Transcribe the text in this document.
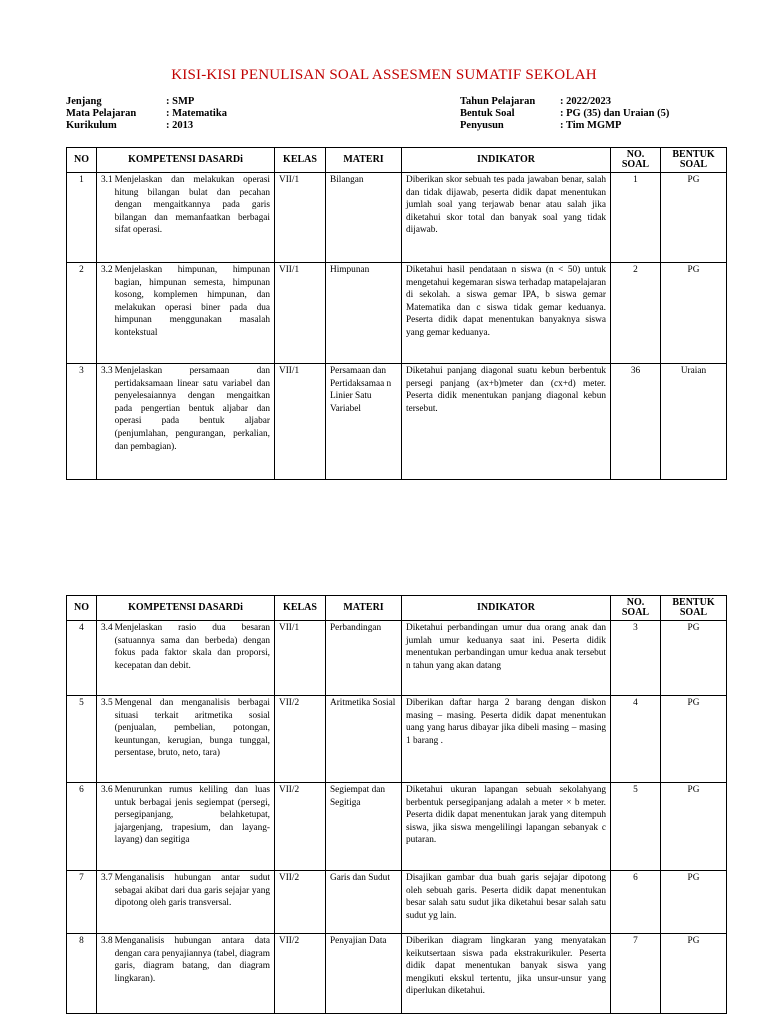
KISI-KISI PENULISAN SOAL ASSESMEN SUMATIF SEKOLAH
Jenjang	: SMP
Mata Pelajaran	: Matematika
Kurikulum	: 2013
Tahun Pelajaran	: 2022/2023
Bentuk Soal	: PG (35) dan Uraian (5)
Penyusun	: Tim MGMP
NO	KOMPETENSI DASARDi	KELAS	MATERI	INDIKATOR	NO. SOAL	BENTUK SOAL
1	3.1 Menjelaskan dan melakukan operasi hitung bilangan bulat dan pecahan dengan mengaitkannya pada garis bilangan dan memanfaatkan berbagai sifat operasi.	VII/1	Bilangan	Diberikan skor sebuah tes pada jawaban benar, salah dan tidak dijawab, peserta didik dapat menentukan jumlah soal yang terjawab benar atau salah jika diketahui skor total dan banyak soal yang tidak dijawab.	1	PG
2	3.2 Menjelaskan himpunan, himpunan bagian, himpunan semesta, himpunan kosong, komplemen himpunan, dan melakukan operasi biner pada dua himpunan menggunakan masalah kontekstual	VII/1	Himpunan	Diketahui hasil pendataan n siswa (n < 50) untuk mengetahui kegemaran siswa terhadap matapelajaran di sekolah. a siswa gemar IPA, b siswa gemar Matematika dan c siswa tidak gemar keduanya. Peserta didik dapat menentukan banyaknya siswa yang gemar keduanya.	2	PG
3	3.3 Menjelaskan persamaan dan pertidaksamaan linear satu variabel dan penyelesaiannya dengan mengaitkan pada pengertian bentuk aljabar dan operasi pada bentuk aljabar (penjumlahan, pengurangan, perkalian, dan pembagian).	VII/1	Persamaan dan Pertidaksamaa n Linier Satu Variabel	Diketahui panjang diagonal suatu kebun berbentuk persegi panjang (ax+b)meter dan (cx+d) meter. Peserta didik menentukan panjang diagonal kebun tersebut.	36	Uraian
NO	KOMPETENSI DASARDi	KELAS	MATERI	INDIKATOR	NO. SOAL	BENTUK SOAL
4	3.4 Menjelaskan rasio dua besaran (satuannya sama dan berbeda) dengan fokus pada faktor skala dan proporsi, kecepatan dan debit.	VII/1	Perbandingan	Diketahui perbandingan umur dua orang anak dan jumlah umur keduanya saat ini. Peserta didik menentukan perbandingan umur kedua anak tersebut n tahun yang akan datang	3	PG
5	3.5 Mengenal dan menganalisis berbagai situasi terkait aritmetika sosial (penjualan, pembelian, potongan, keuntungan, kerugian, bunga tunggal, persentase, bruto, neto, tara)	VII/2	Aritmetika Sosial	Diberikan daftar harga 2 barang dengan diskon masing – masing. Peserta didik dapat menentukan uang yang harus dibayar jika dibeli masing – masing 1 barang .	4	PG
6	3.6 Menurunkan rumus keliling dan luas untuk berbagai jenis segiempat (persegi, persegipanjang, belahketupat, jajargenjang, trapesium, dan layang-layang) dan segitiga	VII/2	Segiempat dan Segitiga	Diketahui ukuran lapangan sebuah sekolahyang berbentuk persegipanjang adalah a meter × b meter. Peserta didik dapat menentukan jarak yang ditempuh siswa, jika siswa mengelilingi lapangan sebanyak c putaran.	5	PG
7	3.7 Menganalisis hubungan antar sudut sebagai akibat dari dua garis sejajar yang dipotong oleh garis transversal.	VII/2	Garis dan Sudut	Disajikan gambar dua buah garis sejajar dipotong oleh sebuah garis. Peserta didik dapat menentukan besar salah satu sudut jika diketahui besar salah satu sudut yg lain.	6	PG
8	3.8 Menganalisis hubungan antara data dengan cara penyajiannya (tabel, diagram garis, diagram batang, dan diagram lingkaran).	VII/2	Penyajian Data	Diberikan diagram lingkaran yang menyatakan keikutsertaan siswa pada ekstrakurikuler. Peserta didik dapat menentukan banyak siswa yang mengikuti ekskul tertentu, jika unsur-unsur yang diperlukan diketahui.	7	PG
